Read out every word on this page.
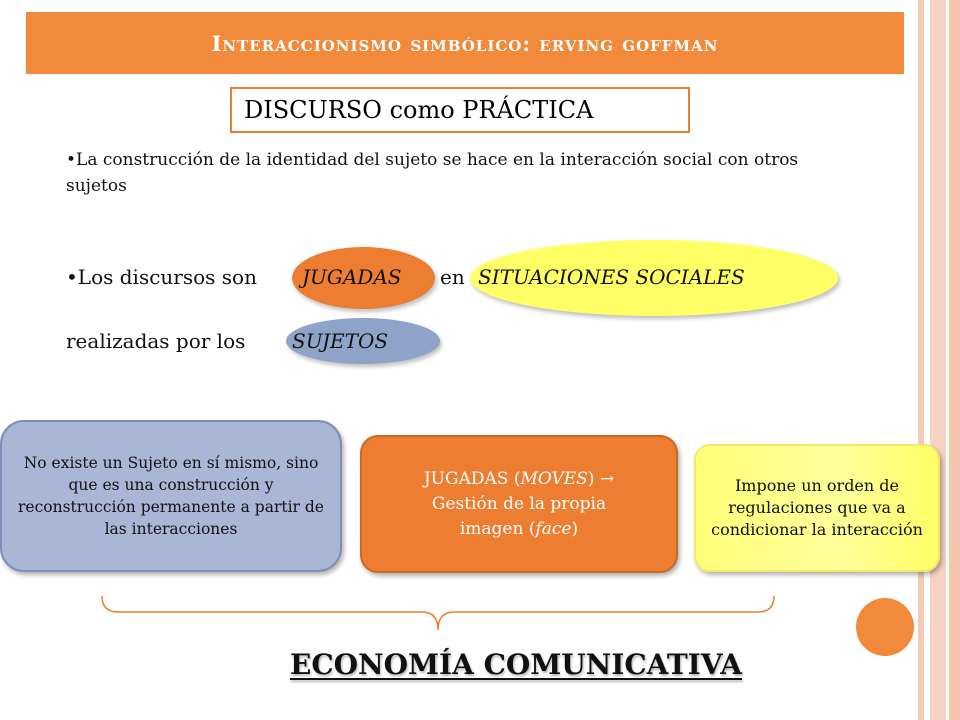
Interaccionismo simbólico: erving goffman
DISCURSO como PRÁCTICA
•La construcción de la identidad del sujeto se hace en la interacción social con otros sujetos
•Los discursos son JUGADAS en SITUACIONES SOCIALES
realizadas por los SUJETOS
No existe un Sujeto en sí mismo, sino que es una construcción y reconstrucción permanente a partir de las interacciones
JUGADAS (MOVES) →
Gestión de la propia
imagen (face)
Impone un orden de regulaciones que va a condicionar la interacción
ECONOMÍA COMUNICATIVA
